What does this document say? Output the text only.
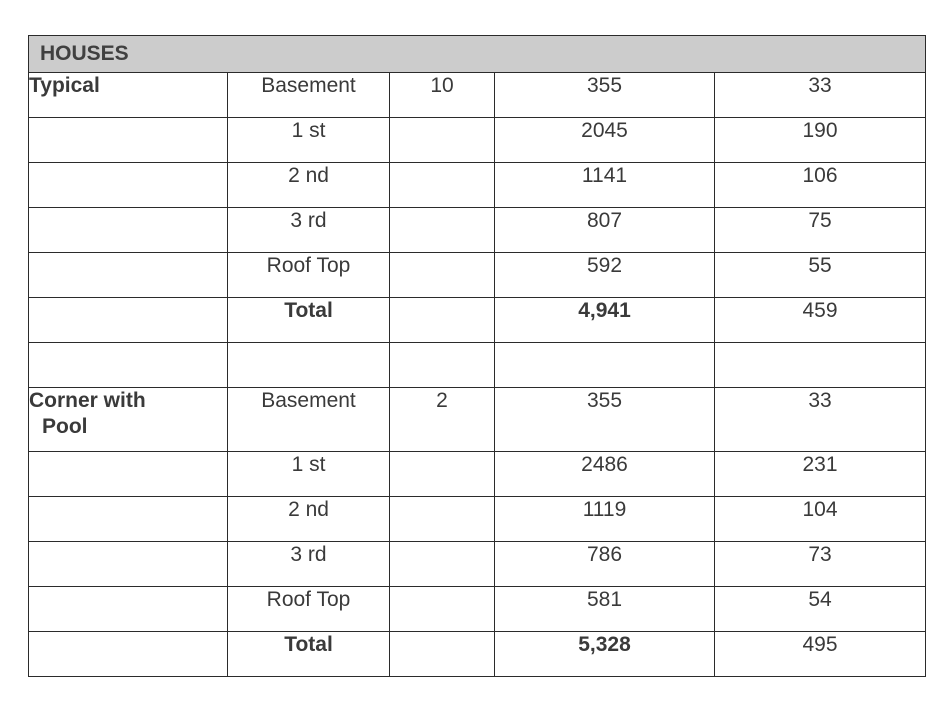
HOUSES				
Typical	Basement	10	355	33
	1 st		2045	190
	2 nd		1141	106
	3 rd		807	75
	Roof Top		592	55
	Total		4,941	459

Corner with
Pool	Basement	2	355	33
	1 st		2486	231
	2 nd		1119	104
	3 rd		786	73
	Roof Top		581	54
	Total		5,328	495
